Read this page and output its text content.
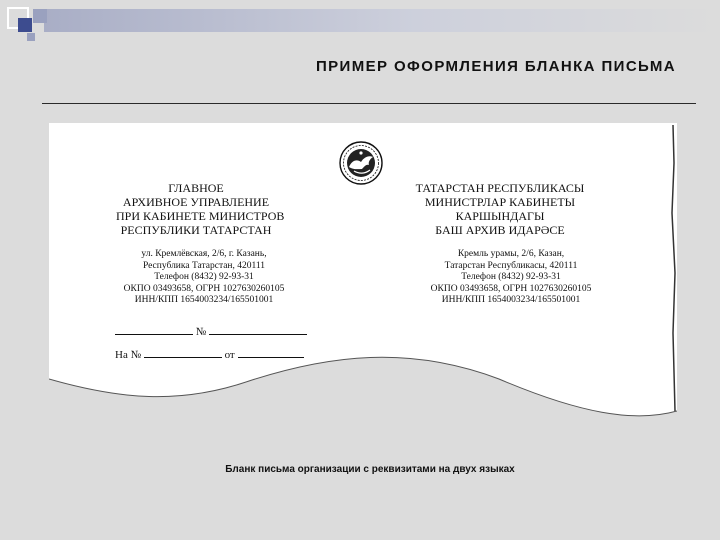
ПРИМЕР ОФОРМЛЕНИЯ БЛАНКА ПИСЬМА
ГЛАВНОЕ
АРХИВНОЕ УПРАВЛЕНИЕ
ПРИ КАБИНЕТЕ МИНИСТРОВ
РЕСПУБЛИКИ ТАТАРСТАН
ТАТАРСТАН РЕСПУБЛИКАСЫ
МИНИСТРЛАР КАБИНЕТЫ
КАРШЫНДАГЫ
БАШ АРХИВ ИДАРӘСЕ
ул. Кремлёвская, 2/6, г. Казань,
Республика Татарстан, 420111
Телефон (8432) 92-93-31
ОКПО 03493658, ОГРН 1027630260105
ИНН/КПП 1654003234/165501001
Кремль урамы, 2/6, Казан,
Татарстан Республикасы, 420111
Телефон (8432) 92-93-31
ОКПО 03493658, ОГРН 1027630260105
ИНН/КПП 1654003234/165501001
№
На №	от
Бланк письма организации с реквизитами на двух языках
